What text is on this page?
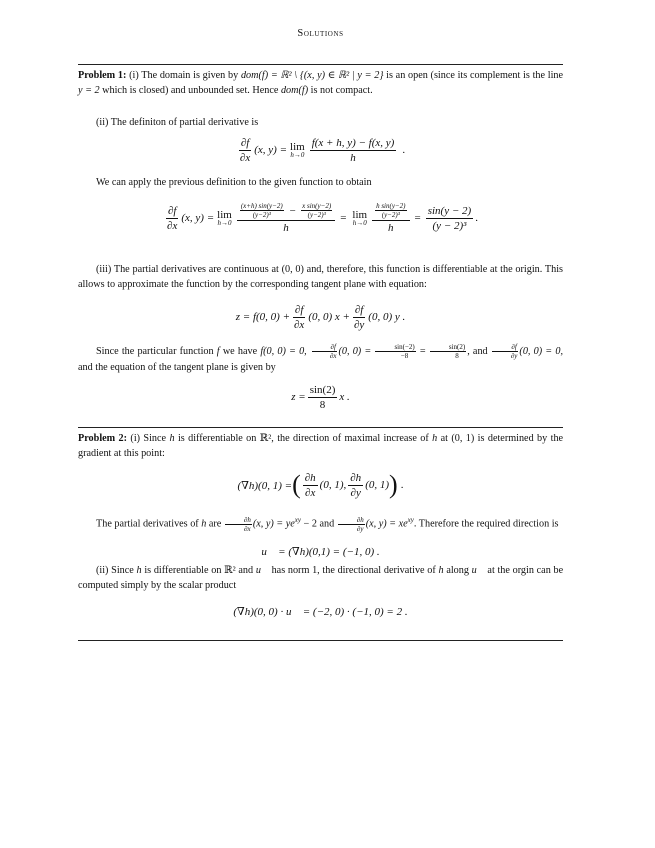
Solutions
Problem 1: (i) The domain is given by dom(f) = ℝ² \ {(x, y) ∈ ℝ² | y = 2} is an open (since its complement is the line y = 2 which is closed) and unbounded set. Hence dom(f) is not compact.
(ii) The definiton of partial derivative is
$\frac{\partial f}{\partial x} (x$, y) = lim
$h\to 0 \frac{f(x + h, y) - f(x, y)}{h}$ .
We can apply the previous definition to the given function to obtain
$\frac{\partial f}{\partial x} (x$, y) = lim
$h\to 0 \frac{\frac{(x+h) \sin(y-2)}{\text{(y−2)³}} - \frac{\text{x sin(y−2)}}{\text{(y−2)³}}}{h} = \lim$
$h\to 0 \frac{\frac{\text{h sin(y−2)}}{\text{(y−2)³}}}{h} = \frac{\sin(y - 2)}{\text{(y − 2)³}}$ .
(iii) The partial derivatives are continuous at (0, 0) and, therefore, this function is differentiable at the origin. This allows to approximate the function by the corresponding tangent plane with equation:
z = f(0, $0) + \frac{\partial f}{\partial x} (0$, 0) $x + \frac{\partial f}{\partial y} (0$, 0) y .
Since the particular function f we have f(0, 0) = 0, $\frac{\partial f}{\partial x} (0$, $0) = \frac{\sin(-2)}{-8} = \frac{\sin(2)}{8}$ , and $\frac{\partial f}{\partial y} (0$, 0) = 0, and the equation of the tangent plane is given by
$z = \frac{\sin(2)}{8}$ x .
Problem 2: (i) Since h is differentiable on ℝ², the direction of maximal increase of h at (0, 1) is determined by the gradient at this point:
(∇h)(0, 1) = ( $\frac{\partial h}{\partial x} (0$, 1), $\frac{\partial h}{\partial y} (0$, 1) ) .
The partial derivatives of h are $\frac{\partial h}{\partial x} (x$, $y) = ye^{xy} - 2$ and $\frac{\partial h}{\partial y} (x$, $y) = xe^{xy}$. Therefore the required direction is
u⃗ = (∇h)(0,1) = (−1, 0) .
(ii) Since h is differentiable on ℝ² and u⃗ has norm 1, the directional derivative of h along u⃗ at the orgin can be computed simply by the scalar product
(∇h)(0, 0) · u⃗ = (−2, 0) · (−1, 0) = 2 .
